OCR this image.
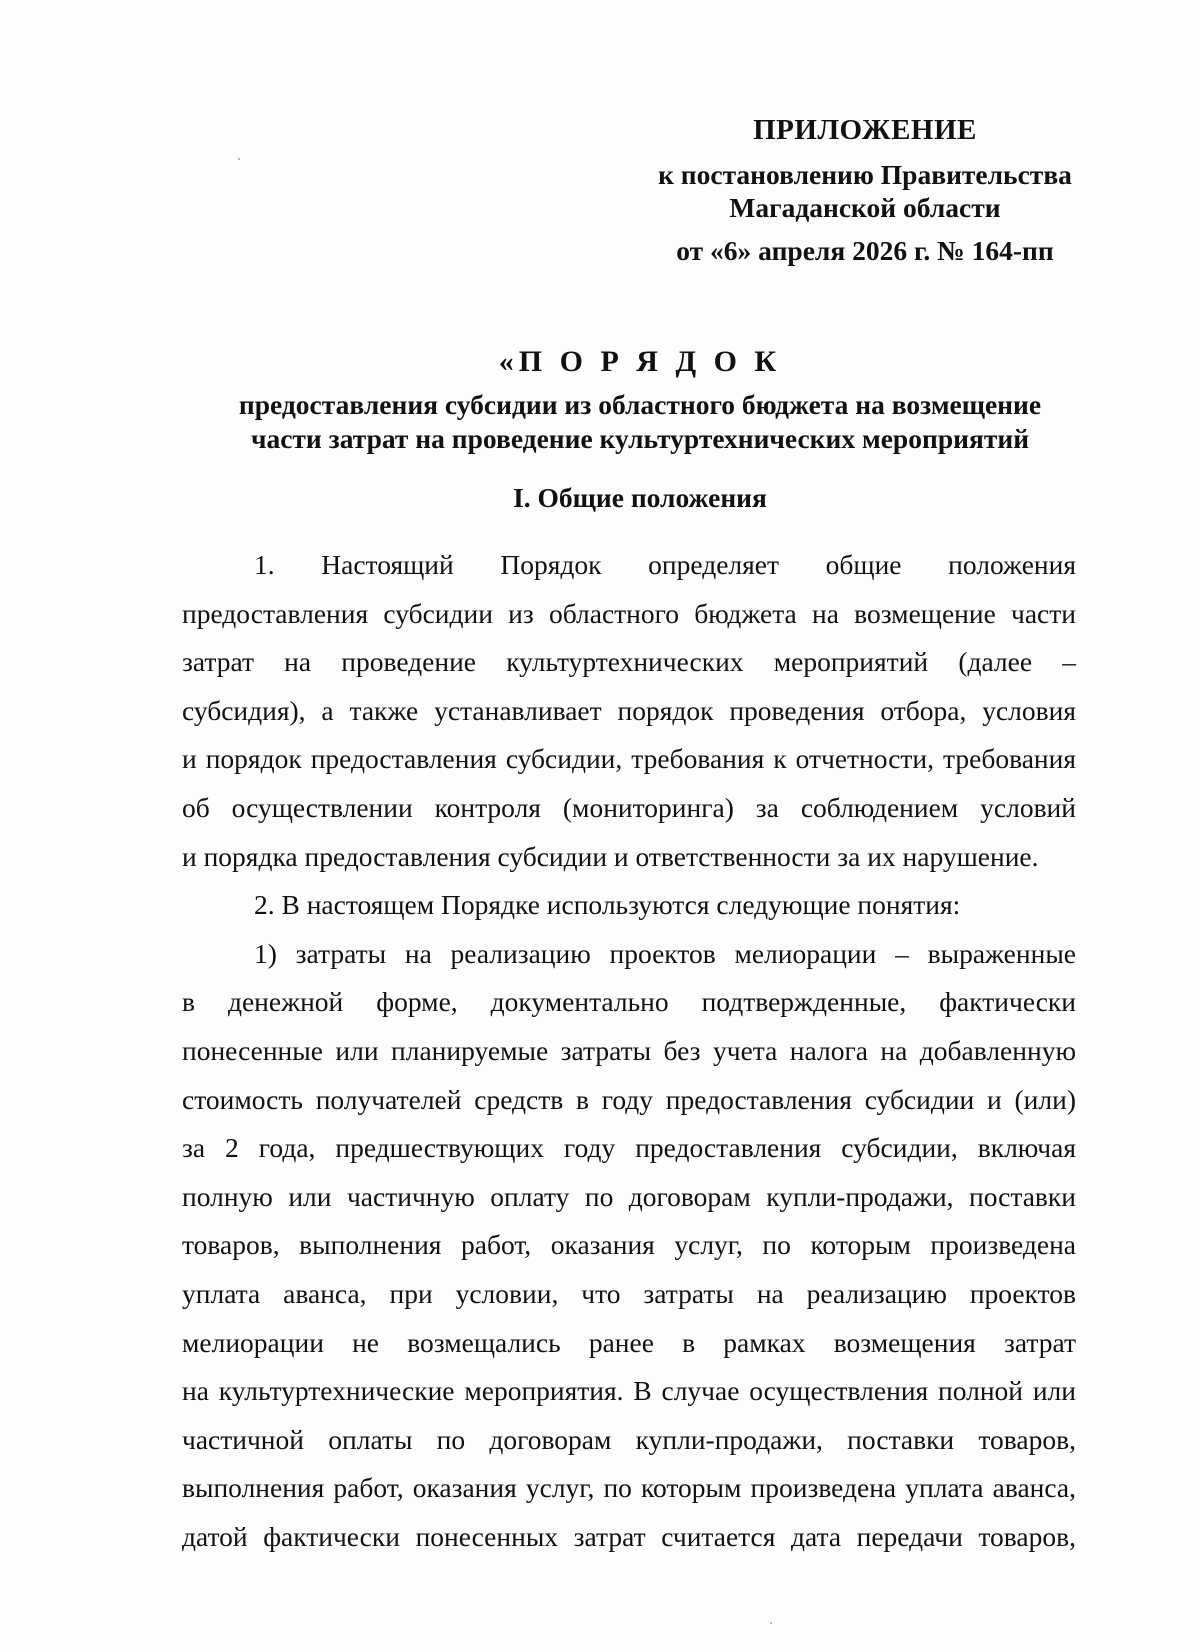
ПРИЛОЖЕНИЕ
к постановлению Правительства
Магаданской области
от «6» апреля 2026 г. № 164-пп
«П О Р Я Д О К
предоставления субсидии из областного бюджета на возмещение
части затрат на проведение культуртехнических мероприятий
I. Общие положения
1. Настоящий Порядок определяет общие положения
предоставления субсидии из областного бюджета на возмещение части
затрат на проведение культуртехнических мероприятий (далее –
субсидия), а также устанавливает порядок проведения отбора, условия
и порядок предоставления субсидии, требования к отчетности, требования
об осуществлении контроля (мониторинга) за соблюдением условий
и порядка предоставления субсидии и ответственности за их нарушение.
2. В настоящем Порядке используются следующие понятия:
1) затраты на реализацию проектов мелиорации – выраженные
в денежной форме, документально подтвержденные, фактически
понесенные или планируемые затраты без учета налога на добавленную
стоимость получателей средств в году предоставления субсидии и (или)
за 2 года, предшествующих году предоставления субсидии, включая
полную или частичную оплату по договорам купли-продажи, поставки
товаров, выполнения работ, оказания услуг, по которым произведена
уплата аванса, при условии, что затраты на реализацию проектов
мелиорации не возмещались ранее в рамках возмещения затрат
на культуртехнические мероприятия. В случае осуществления полной или
частичной оплаты по договорам купли-продажи, поставки товаров,
выполнения работ, оказания услуг, по которым произведена уплата аванса,
датой фактически понесенных затрат считается дата передачи товаров,
